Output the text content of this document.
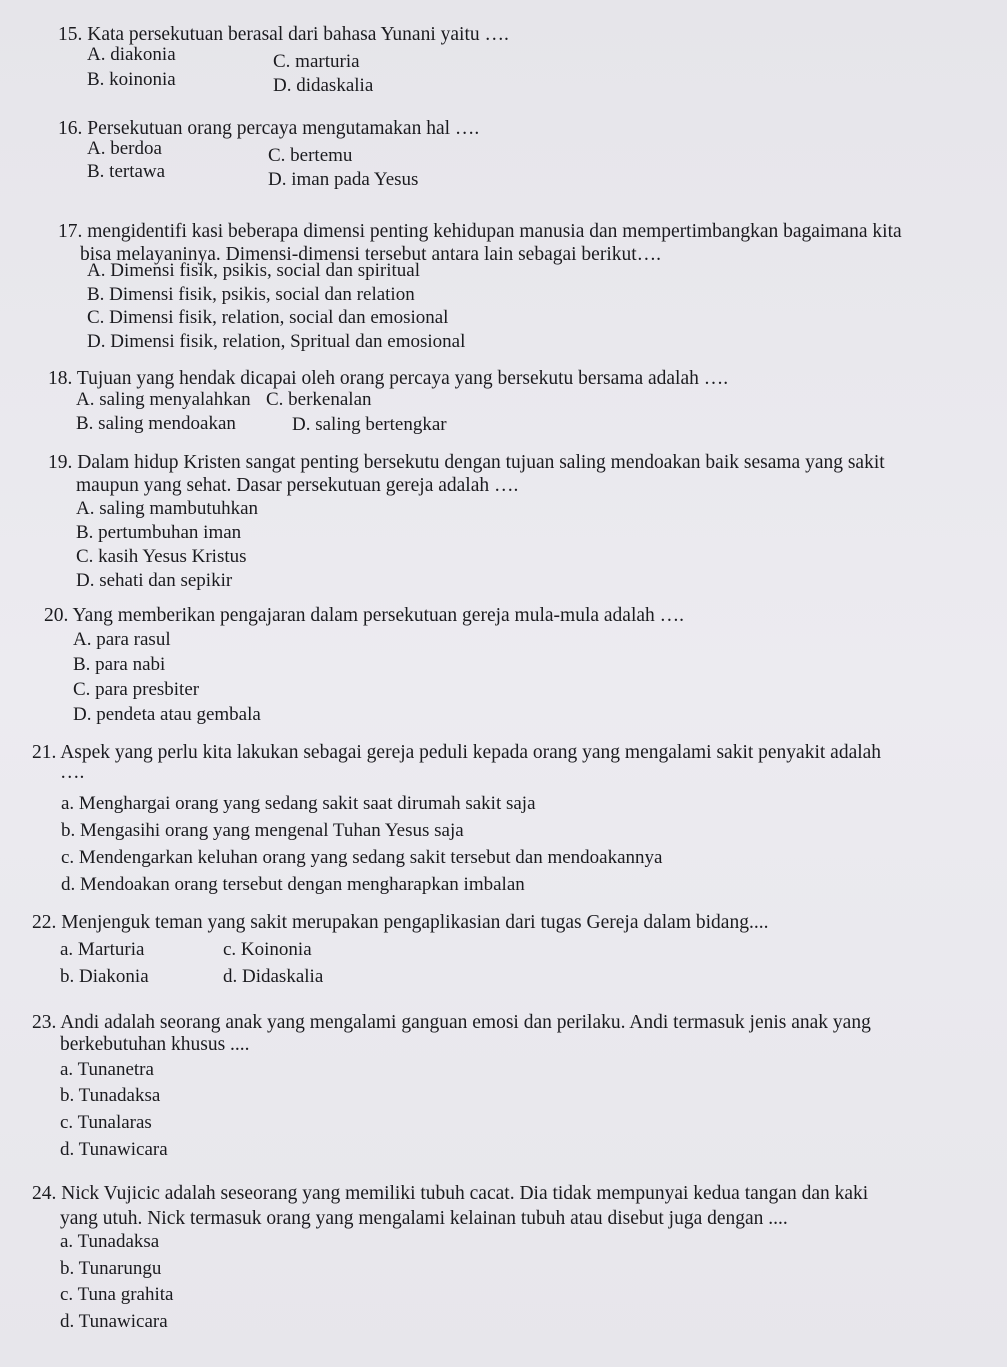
15. Kata persekutuan berasal dari bahasa Yunani yaitu ….
A. diakonia	C. marturia
B. koinonia	D. didaskalia
16. Persekutuan orang percaya mengutamakan hal ….
A. berdoa	C. bertemu
B. tertawa	D. iman pada Yesus
17. mengidentifi kasi beberapa dimensi penting kehidupan manusia dan mempertimbangkan bagaimana kita
bisa melayaninya. Dimensi-dimensi tersebut antara lain sebagai berikut….
A. Dimensi fisik, psikis, social dan spiritual
B. Dimensi fisik, psikis, social dan relation
C. Dimensi fisik, relation, social dan emosional
D. Dimensi fisik, relation, Spritual dan emosional
18. Tujuan yang hendak dicapai oleh orang percaya yang bersekutu bersama adalah ….
A. saling menyalahkan C. berkenalan
B. saling mendoakan	D. saling bertengkar
19. Dalam hidup Kristen sangat penting bersekutu dengan tujuan saling mendoakan baik sesama yang sakit
maupun yang sehat. Dasar persekutuan gereja adalah ….
A. saling mambutuhkan
B. pertumbuhan iman
C. kasih Yesus Kristus
D. sehati dan sepikir
20. Yang memberikan pengajaran dalam persekutuan gereja mula-mula adalah ….
A. para rasul
B. para nabi
C. para presbiter
D. pendeta atau gembala
21. Aspek yang perlu kita lakukan sebagai gereja peduli kepada orang yang mengalami sakit penyakit adalah
….
a. Menghargai orang yang sedang sakit saat dirumah sakit saja
b. Mengasihi orang yang mengenal Tuhan Yesus saja
c. Mendengarkan keluhan orang yang sedang sakit tersebut dan mendoakannya
d. Mendoakan orang tersebut dengan mengharapkan imbalan
22. Menjenguk teman yang sakit merupakan pengaplikasian dari tugas Gereja dalam bidang....
a. Marturia	c. Koinonia
b. Diakonia	d. Didaskalia
23. Andi adalah seorang anak yang mengalami ganguan emosi dan perilaku. Andi termasuk jenis anak yang
berkebutuhan khusus ....
a. Tunanetra
b. Tunadaksa
c. Tunalaras
d. Tunawicara
24. Nick Vujicic adalah seseorang yang memiliki tubuh cacat. Dia tidak mempunyai kedua tangan dan kaki
yang utuh. Nick termasuk orang yang mengalami kelainan tubuh atau disebut juga dengan ....
a. Tunadaksa
b. Tunarungu
c. Tuna grahita
d. Tunawicara
